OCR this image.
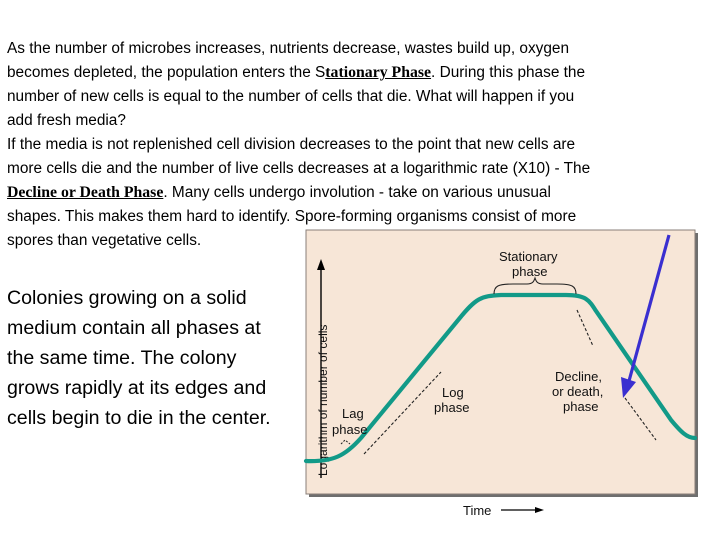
As the number of microbes increases, nutrients decrease, wastes build up, oxygen
becomes depleted, the population enters the Stationary Phase. During this phase the
number of new cells is equal to the number of cells that die. What will happen if you
add fresh media?
If the media is not replenished cell division decreases to the point that new cells are
more cells die and the number of live cells decreases at a logarithmic rate (X10) - The
Decline or Death Phase. Many cells undergo involution - take on various unusual
shapes. This makes them hard to identify. Spore-forming organisms consist of more
spores than vegetative cells.
Colonies growing on a solid
medium contain all phases at
the same time. The colony
grows rapidly at its edges and
cells begin to die in the center.	Logarithm of number of cells
Time
Lag phase
Log phase
Stationary phase
Decline, or death, phase
